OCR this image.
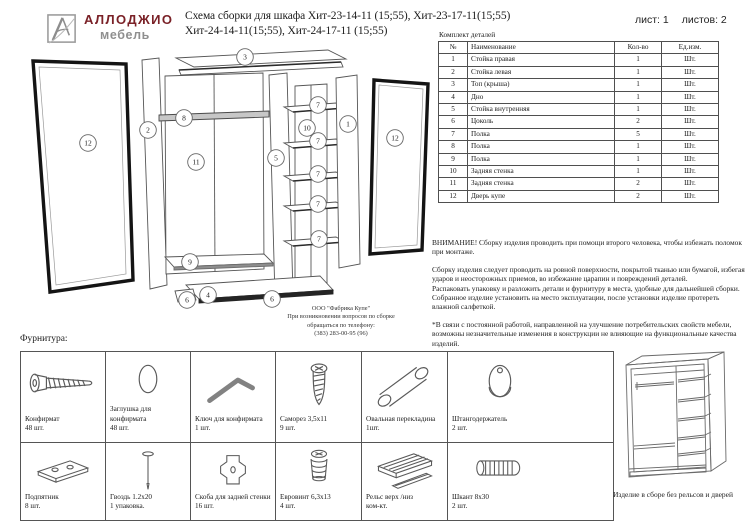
АЛЛОДЖИО
мебель
Схема сборки для шкафа Хит-23-14-11 (15;55), Хит-23-17-11(15;55)
Хит-24-14-11(15;55), Хит-24-17-11 (15;55)
лист: 1 листов: 2
Комплект деталей
№	Наименование	Кол-во	Ед.изм.
1	Стойка правая	1	Шт.
2	Стойка левая	1	Шт.
3	Топ (крыша)	1	Шт.
4	Дно	1	Шт.
5	Стойка внутренняя	1	Шт.
6	Цоколь	2	Шт.
7	Полка	5	Шт.
8	Полка	1	Шт.
9	Полка	1	Шт.
10	Задняя стенка	1	Шт.
11	Задняя стенка	2	Шт.
12	Дверь купе	2	Шт.
3
12
2
8
11
9
5
10
7
7
7
7
7
1
12
6
4	6
ВНИМАНИЕ! Сборку изделия проводить при помощи второго человека, чтобы избежать поломок при монтаже.
Сборку изделия следует проводить на ровной поверхности, покрытой тканью или бумагой, избегая ударов и неосторожных приемов, во избежание царапин и повреждений деталей.
Распаковать упаковку и разложить детали и фурнитуру в места, удобные для дальнейшей сборки.
Собранное изделие установить на место эксплуатации, после установки изделие протереть влажной салфеткой.
*В связи с постоянной работой, направленной на улучшение потребительских свойств мебели, возможны незначительные изменения в конструкции не влияющие на функциональные качества изделий.
ООО "Фабрика Купе"
При возникновении вопросов по сборке
обращаться по телефону:
(383) 283-00-95 (96)
Фурнитура:
Конфирмат
48 шт.
Заглушка для конфирмата
48 шт.
Ключ для конфирмата
1 шт.
Саморез 3,5х11
9 шт.
Овальная перекладина
1шт.
Штангодержатель
2 шт.
Подпятник
8 шт.
Гвоздь 1.2х20
1 упаковка.
Скоба для задней стенки
16 шт.
Евровинт 6,3х13
4 шт.
Рельс верх /низ
ком-кт.
Шкант 8х30
2 шт.
Изделие в сборе без рельсов и дверей
